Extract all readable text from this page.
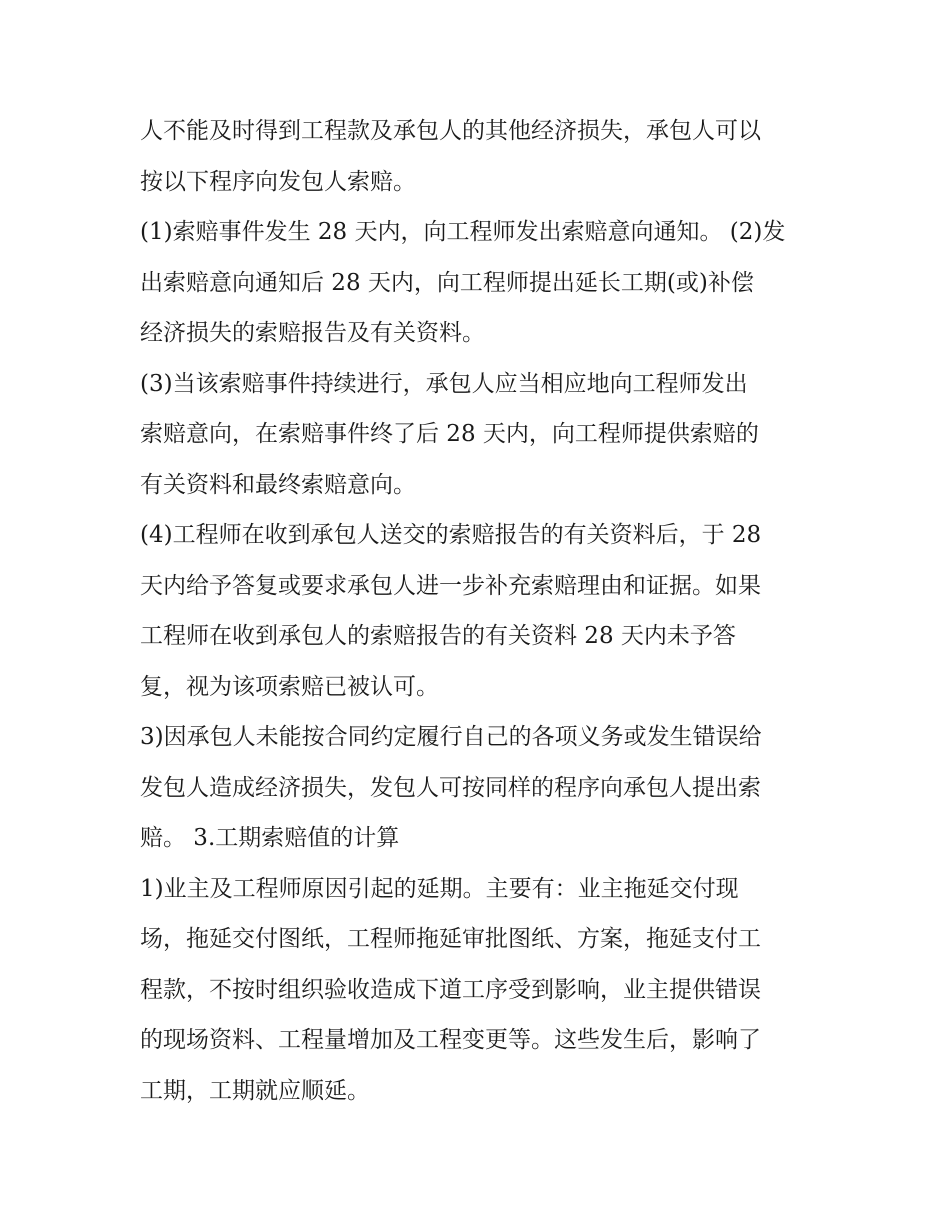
人不能及时得到工程款及承包人的其他经济损失，承包人可以
按以下程序向发包人索赔。
(1)索赔事件发生 28 天内，向工程师发出索赔意向通知。 (2)发
出索赔意向通知后 28 天内，向工程师提出延长工期(或)补偿
经济损失的索赔报告及有关资料。
(3)当该索赔事件持续进行，承包人应当相应地向工程师发出
索赔意向，在索赔事件终了后 28 天内，向工程师提供索赔的
有关资料和最终索赔意向。
(4)工程师在收到承包人送交的索赔报告的有关资料后，于 28
天内给予答复或要求承包人进一步补充索赔理由和证据。如果
工程师在收到承包人的索赔报告的有关资料 28 天内未予答
复，视为该项索赔已被认可。
3)因承包人未能按合同约定履行自己的各项义务或发生错误给
发包人造成经济损失，发包人可按同样的程序向承包人提出索
赔。 3.工期索赔值的计算
1)业主及工程师原因引起的延期。主要有：业主拖延交付现
场，拖延交付图纸，工程师拖延审批图纸、方案，拖延支付工
程款，不按时组织验收造成下道工序受到影响，业主提供错误
的现场资料、工程量增加及工程变更等。这些发生后，影响了
工期，工期就应顺延。
